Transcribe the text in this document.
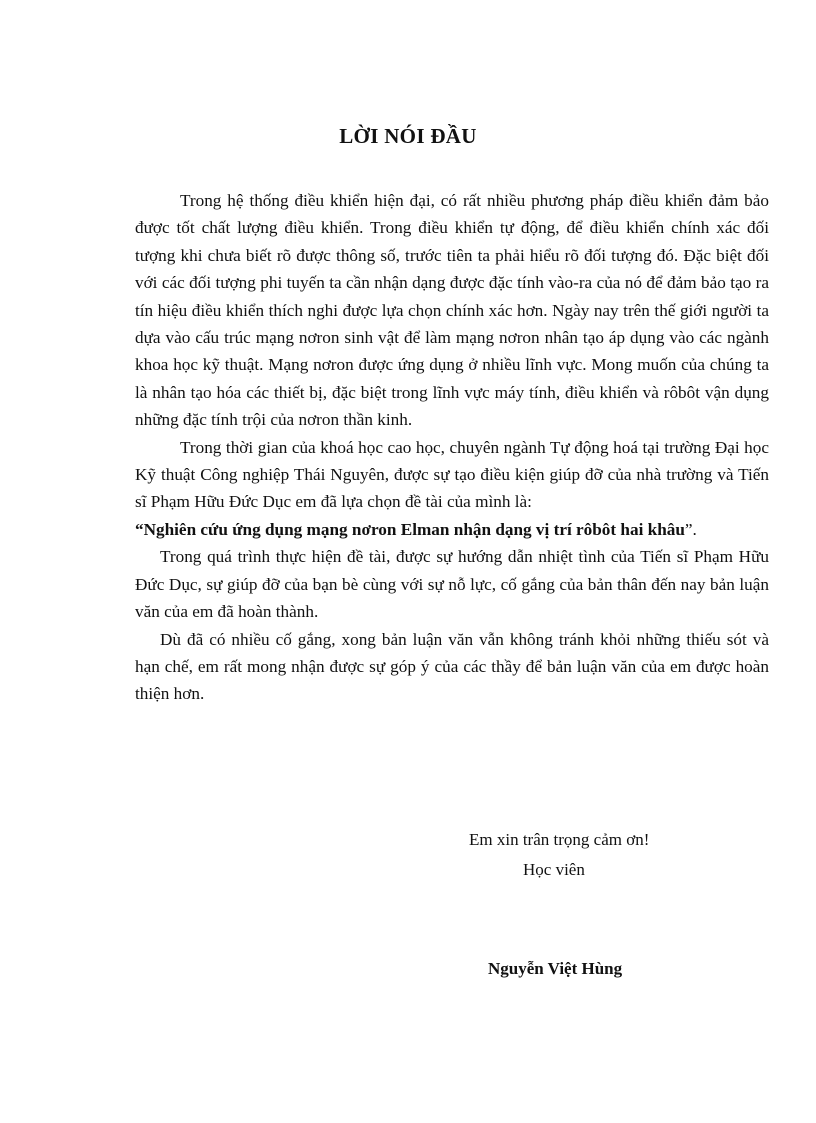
LỜI NÓI ĐẦU

Trong hệ thống điều khiển hiện đại, có rất nhiều phương pháp điều khiển đảm bảo được tốt chất lượng điều khiển. Trong điều khiển tự động, để điều khiển chính xác đối tượng khi chưa biết rõ được thông số, trước tiên ta phải hiểu rõ đối tượng đó. Đặc biệt đối với các đối tượng phi tuyến ta cần nhận dạng được đặc tính vào-ra của nó để đảm bảo tạo ra tín hiệu điều khiển thích nghi được lựa chọn chính xác hơn. Ngày nay trên thế giới người ta dựa vào cấu trúc mạng nơron sinh vật để làm mạng nơron nhân tạo áp dụng vào các ngành khoa học kỹ thuật. Mạng nơron được ứng dụng ở nhiều lĩnh vực. Mong muốn của chúng ta là nhân tạo hóa các thiết bị, đặc biệt trong lĩnh vực máy tính, điều khiển và rôbôt vận dụng những đặc tính trội của nơron thần kinh.

Trong thời gian của khoá học cao học, chuyên ngành Tự động hoá tại trường Đại học Kỹ thuật Công nghiệp Thái Nguyên, được sự tạo điều kiện giúp đỡ của nhà trường và Tiến sĩ Phạm Hữu Đức Dục em đã lựa chọn đề tài của mình là:

“Nghiên cứu ứng dụng mạng nơron Elman nhận dạng vị trí rôbôt hai khâu”.

Trong quá trình thực hiện đề tài, được sự hướng dẫn nhiệt tình của Tiến sĩ Phạm Hữu Đức Dục, sự giúp đỡ của bạn bè cùng với sự nỗ lực, cố gắng của bản thân đến nay bản luận văn của em đã hoàn thành.

Dù đã có nhiều cố gắng, xong bản luận văn vẫn không tránh khỏi những thiếu sót và hạn chế, em rất mong nhận được sự góp ý của các thầy để bản luận văn của em được hoàn thiện hơn.

Em xin trân trọng cảm ơn!
Học viên
Nguyễn Việt Hùng
